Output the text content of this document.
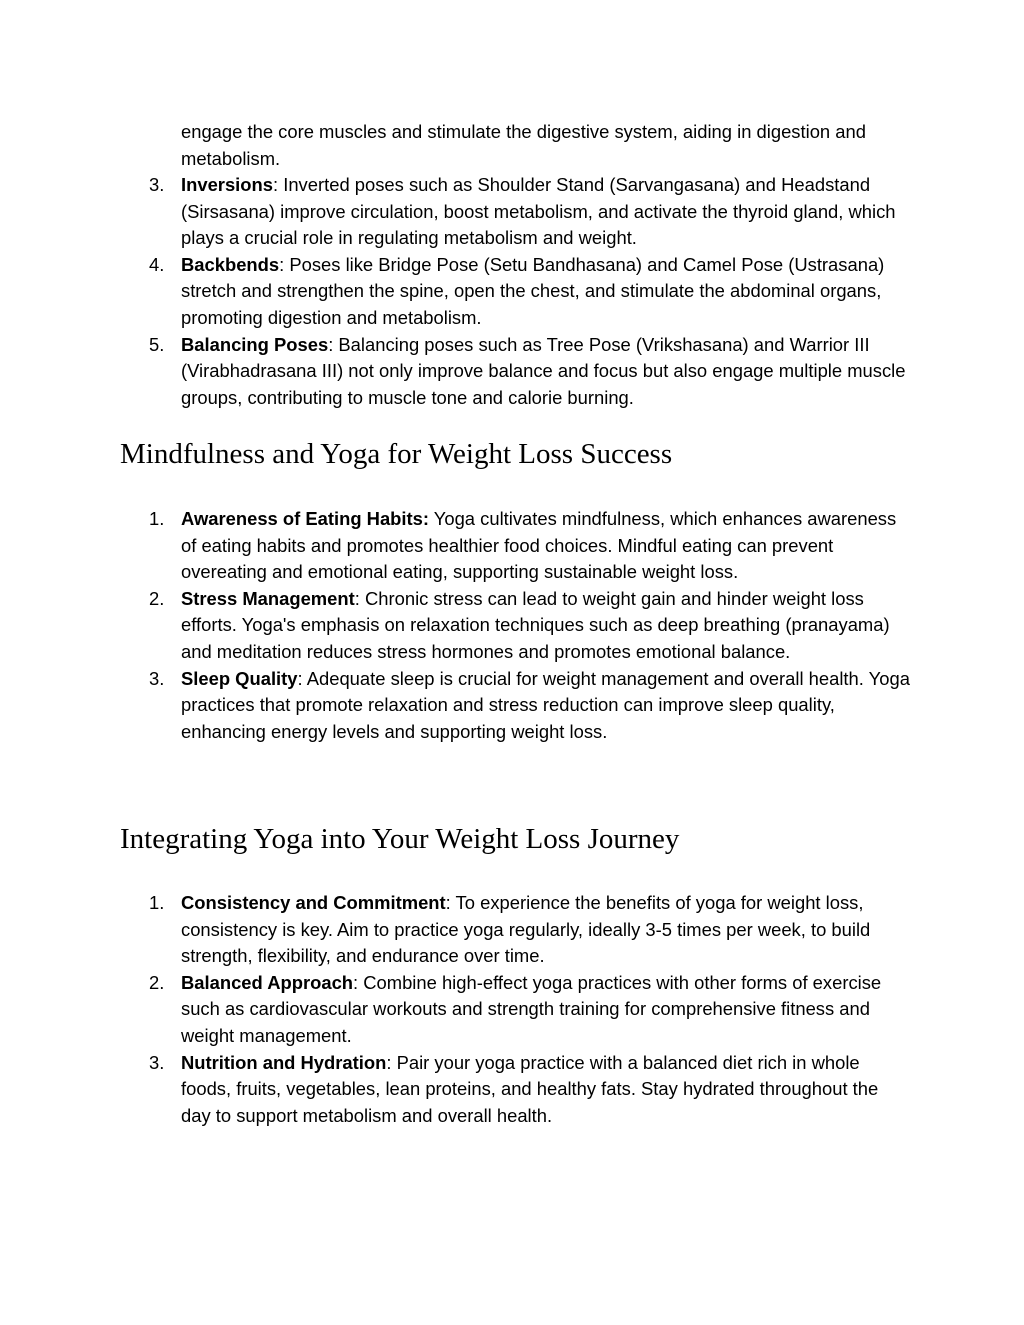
engage the core muscles and stimulate the digestive system, aiding in digestion and metabolism.

3. Inversions: Inverted poses such as Shoulder Stand (Sarvangasana) and Headstand (Sirsasana) improve circulation, boost metabolism, and activate the thyroid gland, which plays a crucial role in regulating metabolism and weight.
4. Backbends: Poses like Bridge Pose (Setu Bandhasana) and Camel Pose (Ustrasana) stretch and strengthen the spine, open the chest, and stimulate the abdominal organs, promoting digestion and metabolism.
5. Balancing Poses: Balancing poses such as Tree Pose (Vrikshasana) and Warrior III (Virabhadrasana III) not only improve balance and focus but also engage multiple muscle groups, contributing to muscle tone and calorie burning.
Mindfulness and Yoga for Weight Loss Success
1. Awareness of Eating Habits: Yoga cultivates mindfulness, which enhances awareness of eating habits and promotes healthier food choices. Mindful eating can prevent overeating and emotional eating, supporting sustainable weight loss.
2. Stress Management: Chronic stress can lead to weight gain and hinder weight loss efforts. Yoga's emphasis on relaxation techniques such as deep breathing (pranayama) and meditation reduces stress hormones and promotes emotional balance.
3. Sleep Quality: Adequate sleep is crucial for weight management and overall health. Yoga practices that promote relaxation and stress reduction can improve sleep quality, enhancing energy levels and supporting weight loss.
Integrating Yoga into Your Weight Loss Journey
1. Consistency and Commitment: To experience the benefits of yoga for weight loss, consistency is key. Aim to practice yoga regularly, ideally 3-5 times per week, to build strength, flexibility, and endurance over time.
2. Balanced Approach: Combine high-effect yoga practices with other forms of exercise such as cardiovascular workouts and strength training for comprehensive fitness and weight management.
3. Nutrition and Hydration: Pair your yoga practice with a balanced diet rich in whole foods, fruits, vegetables, lean proteins, and healthy fats. Stay hydrated throughout the day to support metabolism and overall health.
